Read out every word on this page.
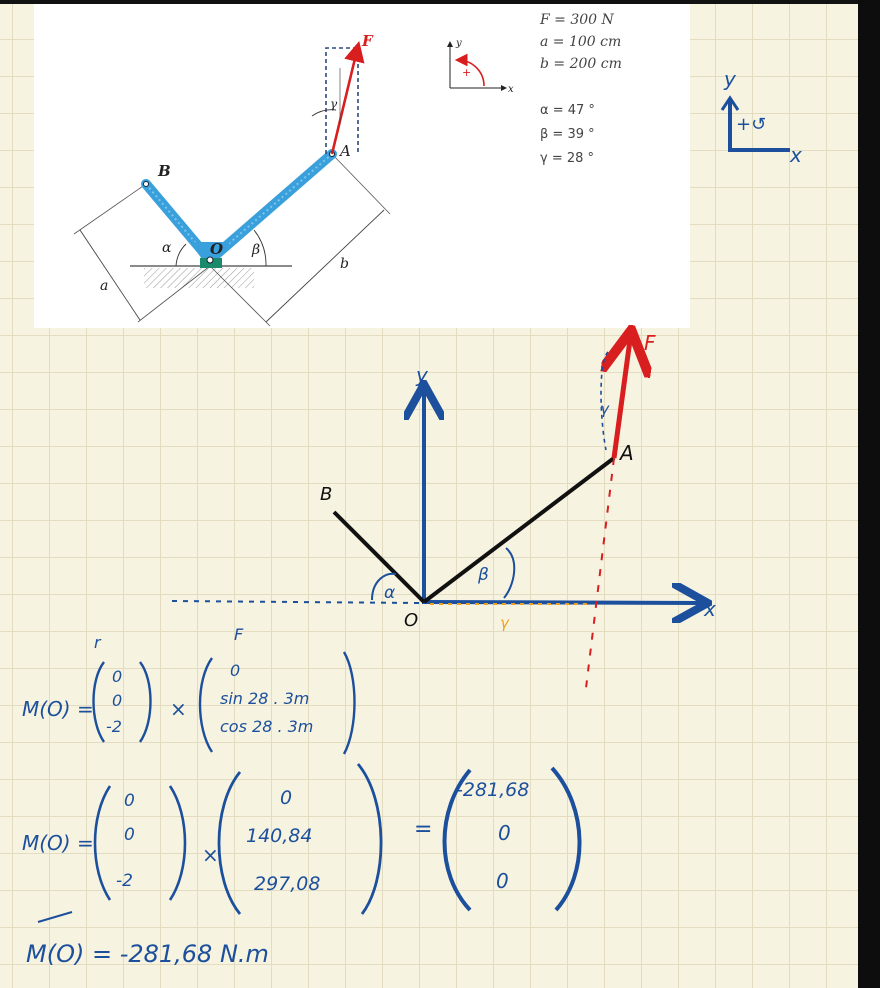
a
b
α	β
O
B
A
F
γ
y
x
+
F = 300 N
a = 100 cm
b = 200 cm
α = 47 °
β = 39 °
γ = 28 °
y
x
+↺
x
y
B
A
O
α
β
γ
F
γ
M(O) =
r
0
0
-2
×
F
0
sin 28 . 3m
cos 28 . 3m
M(O) =
0
0
-2
×
0
140,84
297,08
=
-281,68
0
0
M(O) = -281,68 N.m
